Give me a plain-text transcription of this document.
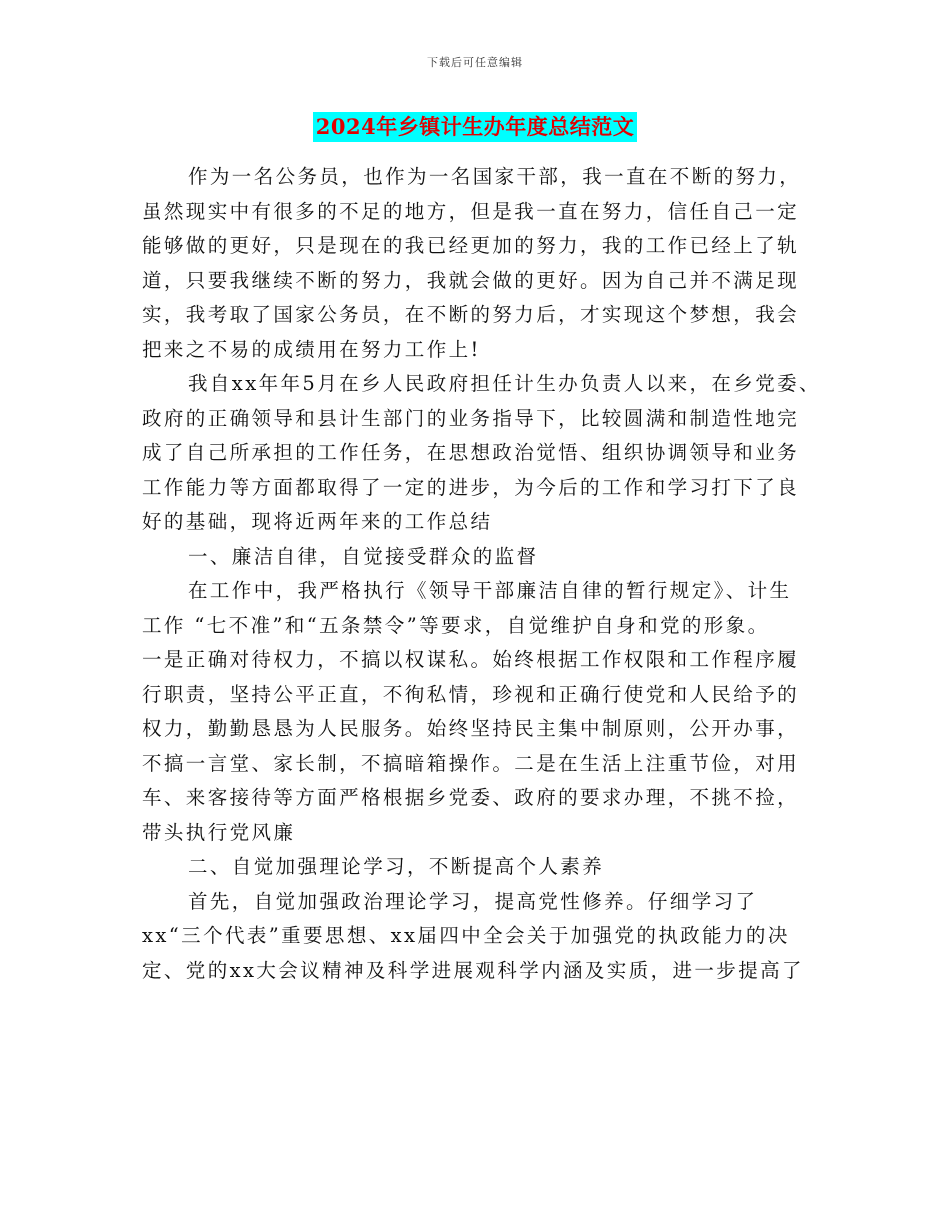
下载后可任意编辑
2024年乡镇计生办年度总结范文
作为一名公务员，也作为一名国家干部，我一直在不断的努力，
虽然现实中有很多的不足的地方，但是我一直在努力，信任自己一定
能够做的更好，只是现在的我已经更加的努力，我的工作已经上了轨
道，只要我继续不断的努力，我就会做的更好。因为自己并不满足现
实，我考取了国家公务员，在不断的努力后，才实现这个梦想，我会
把来之不易的成绩用在努力工作上!
我自xx年年5月在乡人民政府担任计生办负责人以来，在乡党委、
政府的正确领导和县计生部门的业务指导下，比较圆满和制造性地完
成了自己所承担的工作任务，在思想政治觉悟、组织协调领导和业务
工作能力等方面都取得了一定的进步，为今后的工作和学习打下了良
好的基础，现将近两年来的工作总结
一、廉洁自律，自觉接受群众的监督
在工作中，我严格执行《领导干部廉洁自律的暂行规定》、计生
工作 “七不准”和“五条禁令”等要求，自觉维护自身和党的形象。
一是正确对待权力，不搞以权谋私。始终根据工作权限和工作程序履
行职责，坚持公平正直，不徇私情，珍视和正确行使党和人民给予的
权力，勤勤恳恳为人民服务。始终坚持民主集中制原则，公开办事，
不搞一言堂、家长制，不搞暗箱操作。二是在生活上注重节俭，对用
车、来客接待等方面严格根据乡党委、政府的要求办理，不挑不捡，
带头执行党风廉
二、自觉加强理论学习，不断提高个人素养
首先，自觉加强政治理论学习，提高党性修养。仔细学习了
xx“三个代表”重要思想、xx届四中全会关于加强党的执政能力的决
定、党的xx大会议精神及科学进展观科学内涵及实质，进一步提高了
